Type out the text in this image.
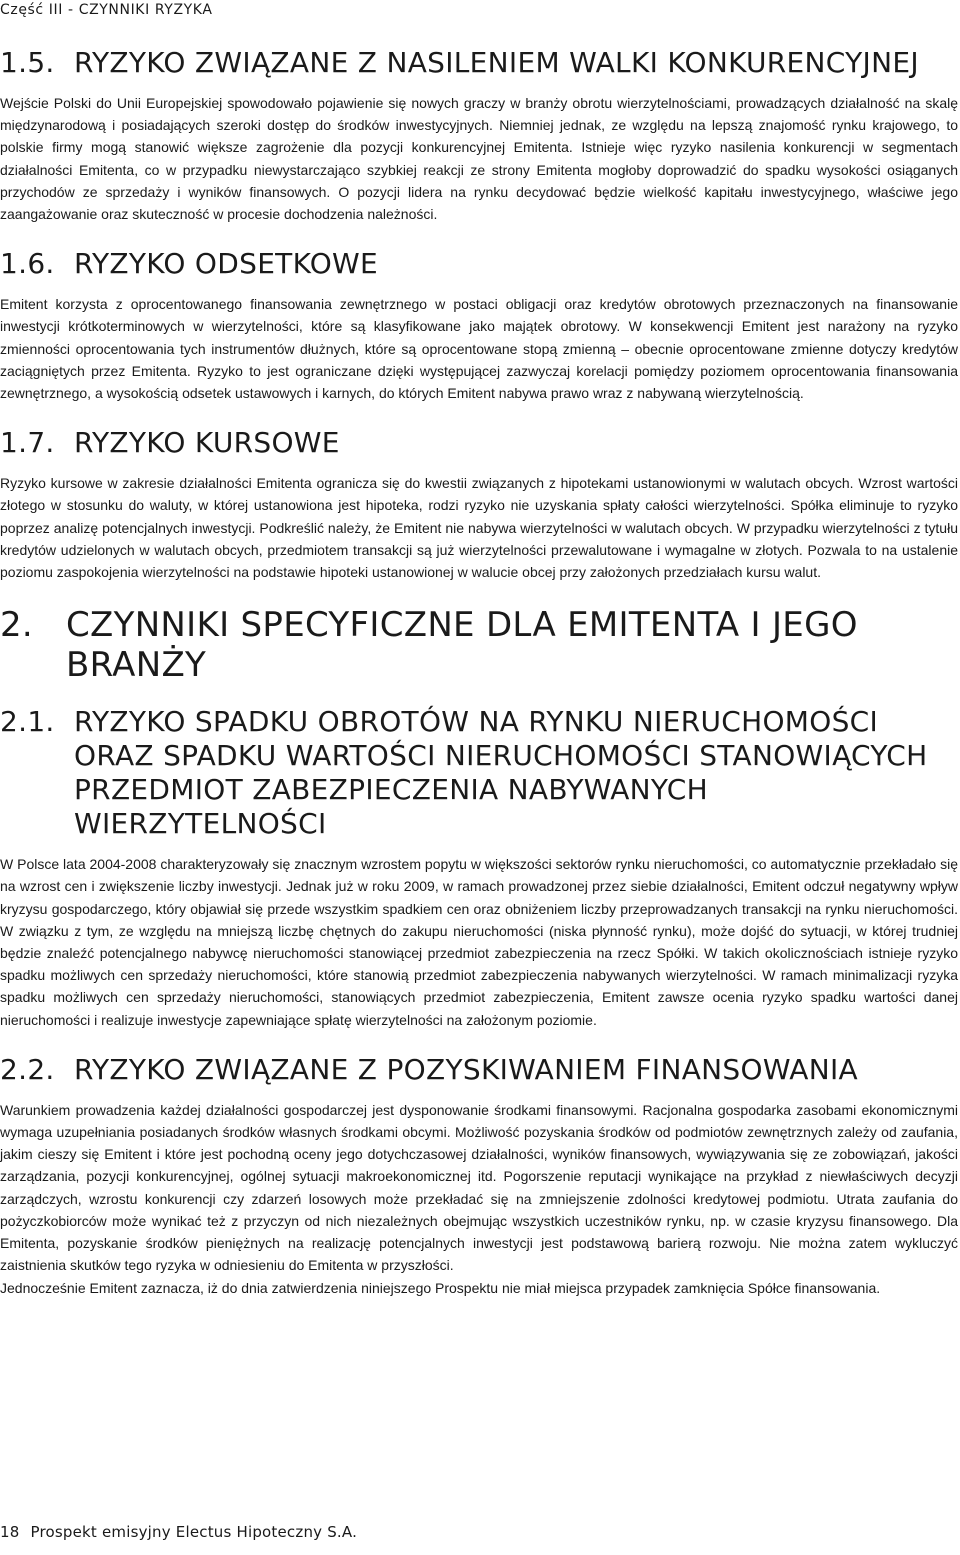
Część III - CZYNNIKI RYZYKA
1.5. RYZYKO ZWIĄZANE Z NASILENIEM WALKI KONKURENCYJNEJ

Wejście Polski do Unii Europejskiej spowodowało pojawienie się nowych graczy w branży obrotu wierzytelnościami, prowadzących działalność na skalę międzynarodową i posiadających szeroki dostęp do środków inwestycyjnych. Niemniej jednak, ze względu na lepszą znajomość rynku krajowego, to polskie firmy mogą stanowić większe zagrożenie dla pozycji konkurencyjnej Emitenta. Istnieje więc ryzyko nasilenia konkurencji w segmentach działalności Emitenta, co w przypadku niewystarczająco szybkiej reakcji ze strony Emitenta mogłoby doprowadzić do spadku wysokości osiąganych przychodów ze sprzedaży i wyników finansowych. O pozycji lidera na rynku decydować będzie wielkość kapitału inwestycyjnego, właściwe jego zaangażowanie oraz skuteczność w procesie dochodzenia należności.

1.6. RYZYKO ODSETKOWE

Emitent korzysta z oprocentowanego finansowania zewnętrznego w postaci obligacji oraz kredytów obrotowych przeznaczonych na finansowanie inwestycji krótkoterminowych w wierzytelności, które są klasyfikowane jako majątek obrotowy. W konsekwencji Emitent jest narażony na ryzyko zmienności oprocentowania tych instrumentów dłużnych, które są oprocentowane stopą zmienną – obecnie oprocentowane zmienne dotyczy kredytów zaciągniętych przez Emitenta. Ryzyko to jest ograniczane dzięki występującej zazwyczaj korelacji pomiędzy poziomem oprocentowania finansowania zewnętrznego, a wysokością odsetek ustawowych i karnych, do których Emitent nabywa prawo wraz z nabywaną wierzytelnością.

1.7. RYZYKO KURSOWE

Ryzyko kursowe w zakresie działalności Emitenta ogranicza się do kwestii związanych z hipotekami ustanowionymi w walutach obcych. Wzrost wartości złotego w stosunku do waluty, w której ustanowiona jest hipoteka, rodzi ryzyko nie uzyskania spłaty całości wierzytelności. Spółka eliminuje to ryzyko poprzez analizę potencjalnych inwestycji. Podkreślić należy, że Emitent nie nabywa wierzytelności w walutach obcych. W przypadku wierzytelności z tytułu kredytów udzielonych w walutach obcych, przedmiotem transakcji są już wierzytelności przewalutowane i wymagalne w złotych. Pozwala to na ustalenie poziomu zaspokojenia wierzytelności na podstawie hipoteki ustanowionej w walucie obcej przy założonych przedziałach kursu walut.

2. CZYNNIKI SPECYFICZNE DLA EMITENTA I JEGO BRANŻY
2.1. RYZYKO SPADKU OBROTÓW NA RYNKU NIERUCHOMOŚCI ORAZ SPADKU WARTOŚCI NIERUCHOMOŚCI STANOWIĄCYCH PRZEDMIOT ZABEZPIECZENIA NABYWANYCH WIERZYTELNOŚCI

W Polsce lata 2004-2008 charakteryzowały się znacznym wzrostem popytu w większości sektorów rynku nieruchomości, co automatycznie przekładało się na wzrost cen i zwiększenie liczby inwestycji. Jednak już w roku 2009, w ramach prowadzonej przez siebie działalności, Emitent odczuł negatywny wpływ kryzysu gospodarczego, który objawiał się przede wszystkim spadkiem cen oraz obniżeniem liczby przeprowadzanych transakcji na rynku nieruchomości. W związku z tym, ze względu na mniejszą liczbę chętnych do zakupu nieruchomości (niska płynność rynku), może dojść do sytuacji, w której trudniej będzie znaleźć potencjalnego nabywcę nieruchomości stanowiącej przedmiot zabezpieczenia na rzecz Spółki. W takich okolicznościach istnieje ryzyko spadku możliwych cen sprzedaży nieruchomości, które stanowią przedmiot zabezpieczenia nabywanych wierzytelności. W ramach minimalizacji ryzyka spadku możliwych cen sprzedaży nieruchomości, stanowiących przedmiot zabezpieczenia, Emitent zawsze ocenia ryzyko spadku wartości danej nieruchomości i realizuje inwestycje zapewniające spłatę wierzytelności na założonym poziomie.

2.2. RYZYKO ZWIĄZANE Z POZYSKIWANIEM FINANSOWANIA

Warunkiem prowadzenia każdej działalności gospodarczej jest dysponowanie środkami finansowymi. Racjonalna gospodarka zasobami ekonomicznymi wymaga uzupełniania posiadanych środków własnych środkami obcymi. Możliwość pozyskania środków od podmiotów zewnętrznych zależy od zaufania, jakim cieszy się Emitent i które jest pochodną oceny jego dotychczasowej działalności, wyników finansowych, wywiązywania się ze zobowiązań, jakości zarządzania, pozycji konkurencyjnej, ogólnej sytuacji makroekonomicznej itd. Pogorszenie reputacji wynikające na przykład z niewłaściwych decyzji zarządczych, wzrostu konkurencji czy zdarzeń losowych może przekładać się na zmniejszenie zdolności kredytowej podmiotu. Utrata zaufania do pożyczkobiorców może wynikać też z przyczyn od nich niezależnych obejmując wszystkich uczestników rynku, np. w czasie kryzysu finansowego. Dla Emitenta, pozyskanie środków pieniężnych na realizację potencjalnych inwestycji jest podstawową barierą rozwoju. Nie można zatem wykluczyć zaistnienia skutków tego ryzyka w odniesieniu do Emitenta w przyszłości.

Jednocześnie Emitent zaznacza, iż do dnia zatwierdzenia niniejszego Prospektu nie miał miejsca przypadek zamknięcia Spółce finansowania.

18 Prospekt emisyjny Electus Hipoteczny S.A.
